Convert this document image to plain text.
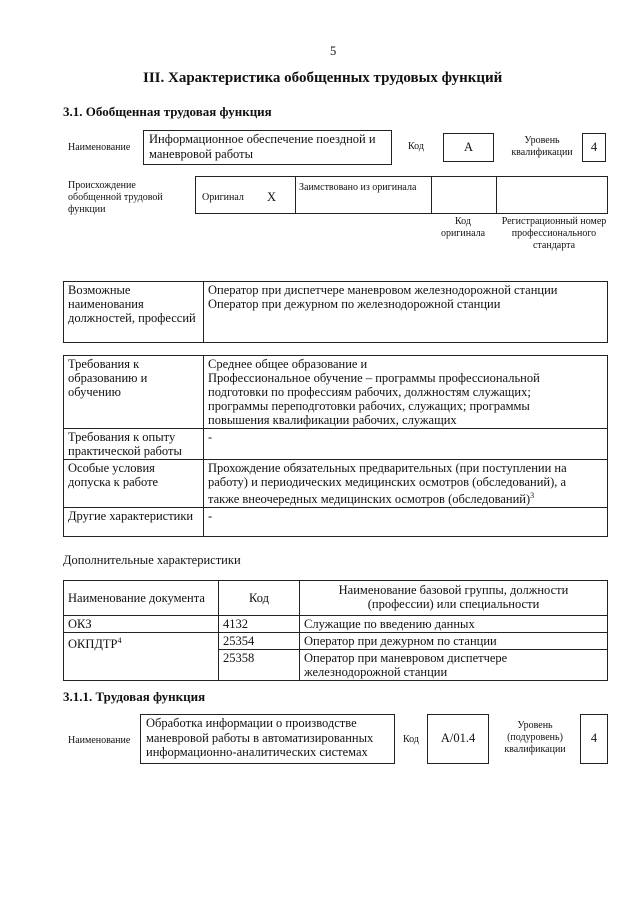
5
III. Характеристика обобщенных трудовых функций
3.1. Обобщенная трудовая функция
Наименование
Информационное обеспечение поездной и маневровой работы	Код	A	Уровень квалификации	4
Происхождение обобщенной трудовой функции
Оригинал X
Заимствовано из оригинала
Код оригинала
Регистрационный номер профессионального стандарта
Возможные наименования должностей, профессий	
Оператор при диспетчере маневровом железнодорожной станции
Оператор при дежурном по железнодорожной станции
Требования к образованию и обучению	Среднее общее образование и
Профессиональное обучение – программы профессиональной
подготовки по профессиям рабочих, должностям служащих;
программы переподготовки рабочих, служащих; программы
повышения квалификации рабочих, служащих

Требования к опыту практической работы	-
Особые условия допуска к работе	Прохождение обязательных предварительных (при поступлении на
работу) и периодических медицинских осмотров (обследований), а
также внеочередных медицинских осмотров (обследований)$^3$

Другие характеристики	-
Дополнительные характеристики
Наименование документа	Код	Наименование базовой группы, должности (профессии) или специальности
ОКЗ	4132	Служащие по введению данных
ОКПДТР$^4$	25354	Оператор при дежурном по станции
	25358	Оператор при маневровом диспетчере железнодорожной станции
3.1.1. Трудовая функция
Наименование
Обработка информации о производстве маневровой работы в автоматизированных информационно-аналитических системах
Код	A/01.4
Уровень (подуровень) квалификации
4
